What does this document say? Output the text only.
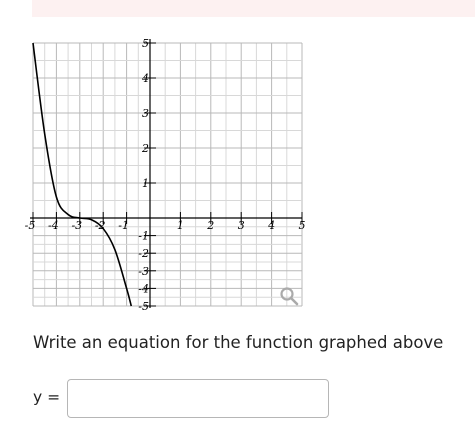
-5 -4 -3 -2 -1	1 2 3 4 5
5
4
3
2
1
-1
-2
-3
-4
-5

Write an equation for the function graphed above

y =
